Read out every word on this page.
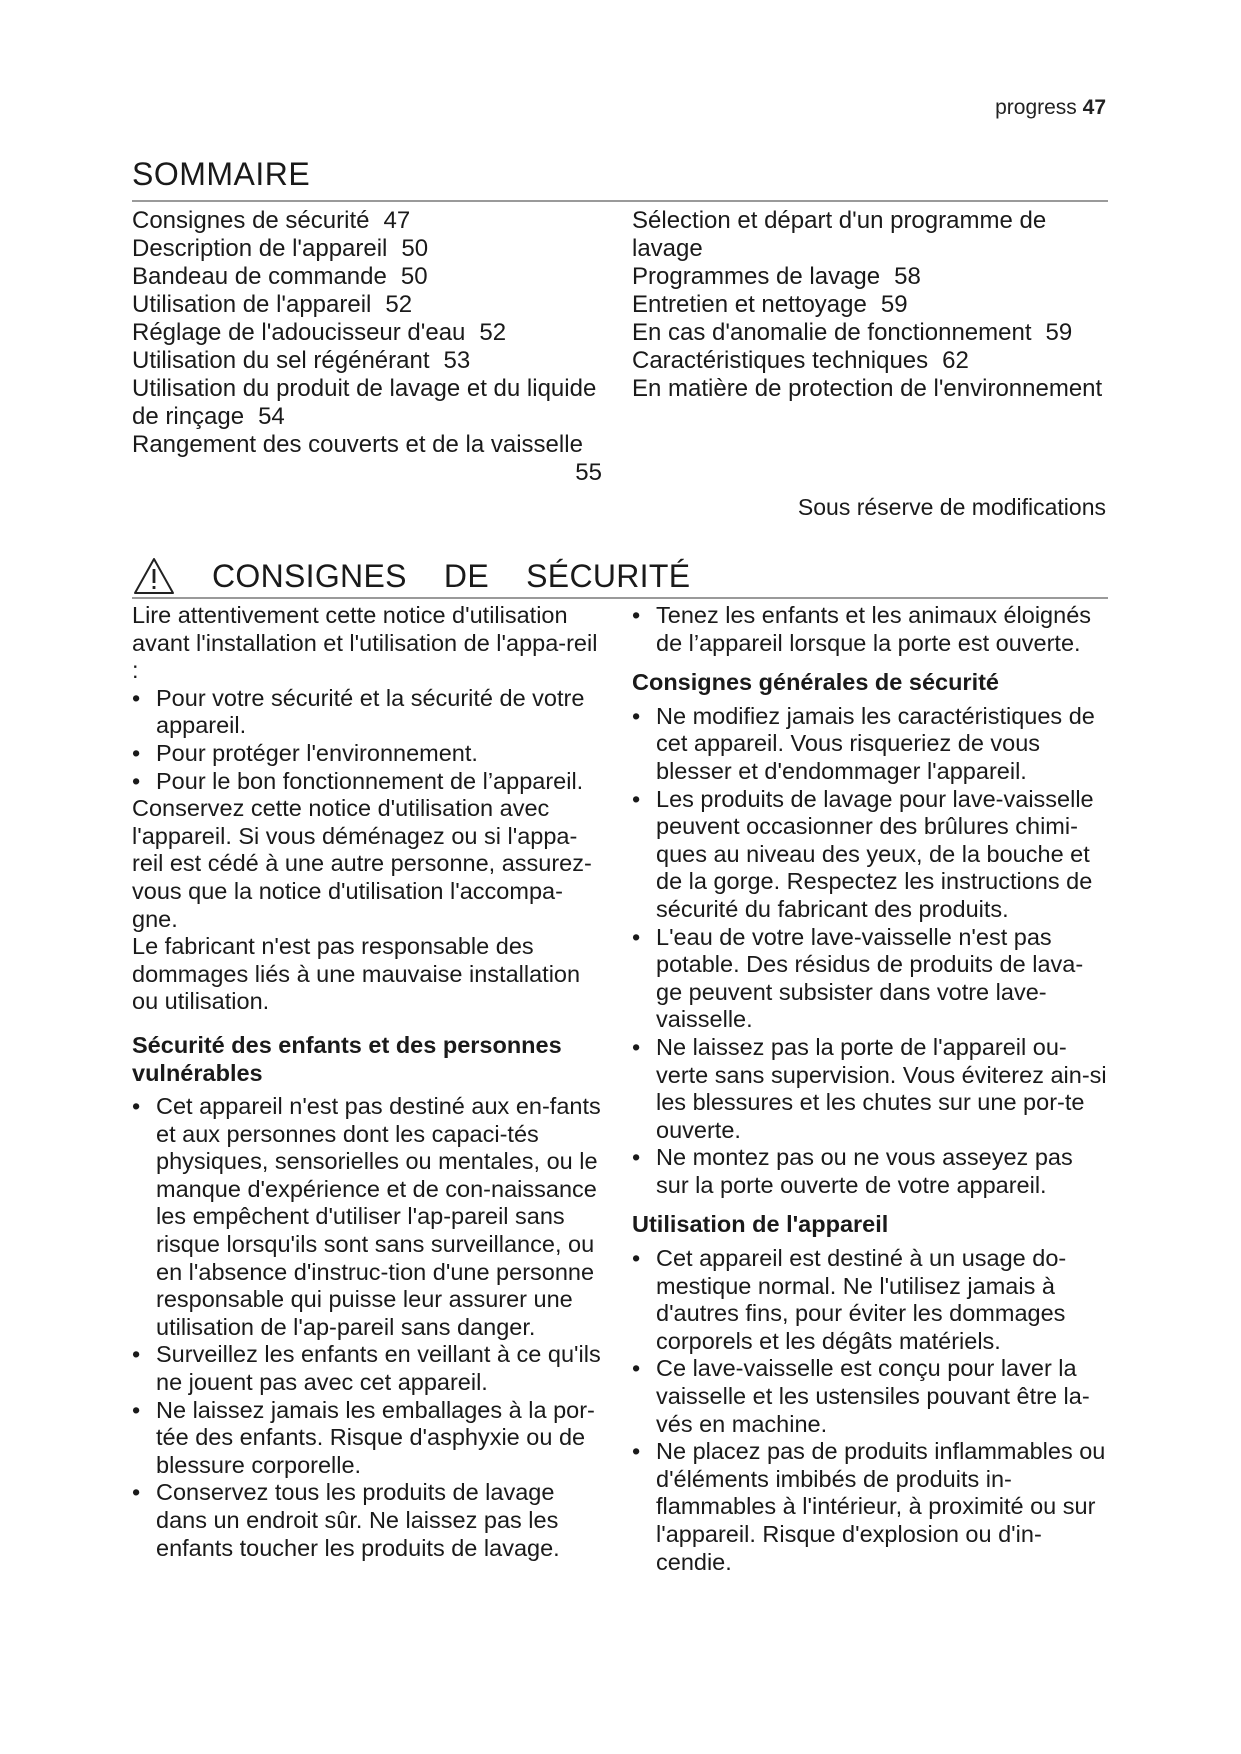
progress 47
SOMMAIRE

Consignes de sécurité 47

Description de l'appareil 50

Bandeau de commande 50

Utilisation de l'appareil 52

Réglage de l'adoucisseur d'eau 52

Utilisation du sel régénérant 53

Utilisation du produit de lavage et du liquide de rinçage 54

Rangement des couverts et de la vaisselle
55

Sélection et départ d'un programme de lavage

Programmes de lavage 58

Entretien et nettoyage 59

En cas d'anomalie de fonctionnement 59

Caractéristiques techniques 62

En matière de protection de l'environnement

Sous réserve de modifications
CONSIGNES DE SÉCURITÉ

Lire attentivement cette notice d'utilisation avant l'installation et l'utilisation de l'appa-reil :

• Pour votre sécurité et la sécurité de votre appareil.
• Pour protéger l'environnement.
• Pour le bon fonctionnement de l’appareil.

Conservez cette notice d'utilisation avec l'appareil. Si vous déménagez ou si l'appa-reil est cédé à une autre personne, assurez-vous que la notice d'utilisation l'accompa-gne.

Le fabricant n'est pas responsable des dommages liés à une mauvaise installation ou utilisation.

Sécurité des enfants et des personnes vulnérables
• Cet appareil n'est pas destiné aux en-fants et aux personnes dont les capaci-tés physiques, sensorielles ou mentales, ou le manque d'expérience et de con-naissance les empêchent d'utiliser l'ap-pareil sans risque lorsqu'ils sont sans surveillance, ou en l'absence d'instruc-tion d'une personne responsable qui puisse leur assurer une utilisation de l'ap-pareil sans danger.
• Surveillez les enfants en veillant à ce qu'ils ne jouent pas avec cet appareil.
• Ne laissez jamais les emballages à la por-tée des enfants. Risque d'asphyxie ou de blessure corporelle.
• Conservez tous les produits de lavage dans un endroit sûr. Ne laissez pas les enfants toucher les produits de lavage.
• Tenez les enfants et les animaux éloignés de l’appareil lorsque la porte est ouverte.
Consignes générales de sécurité
• Ne modifiez jamais les caractéristiques de cet appareil. Vous risqueriez de vous blesser et d'endommager l'appareil.
• Les produits de lavage pour lave-vaisselle peuvent occasionner des brûlures chimi-ques au niveau des yeux, de la bouche et de la gorge. Respectez les instructions de sécurité du fabricant des produits.
• L'eau de votre lave-vaisselle n'est pas potable. Des résidus de produits de lava-ge peuvent subsister dans votre lave-vaisselle.
• Ne laissez pas la porte de l'appareil ou-verte sans supervision. Vous éviterez ain-si les blessures et les chutes sur une por-te ouverte.
• Ne montez pas ou ne vous asseyez pas sur la porte ouverte de votre appareil.
Utilisation de l'appareil
• Cet appareil est destiné à un usage do-mestique normal. Ne l'utilisez jamais à d'autres fins, pour éviter les dommages corporels et les dégâts matériels.
• Ce lave-vaisselle est conçu pour laver la vaisselle et les ustensiles pouvant être la-vés en machine.
• Ne placez pas de produits inflammables ou d'éléments imbibés de produits in-flammables à l'intérieur, à proximité ou sur l'appareil. Risque d'explosion ou d'in-cendie.
